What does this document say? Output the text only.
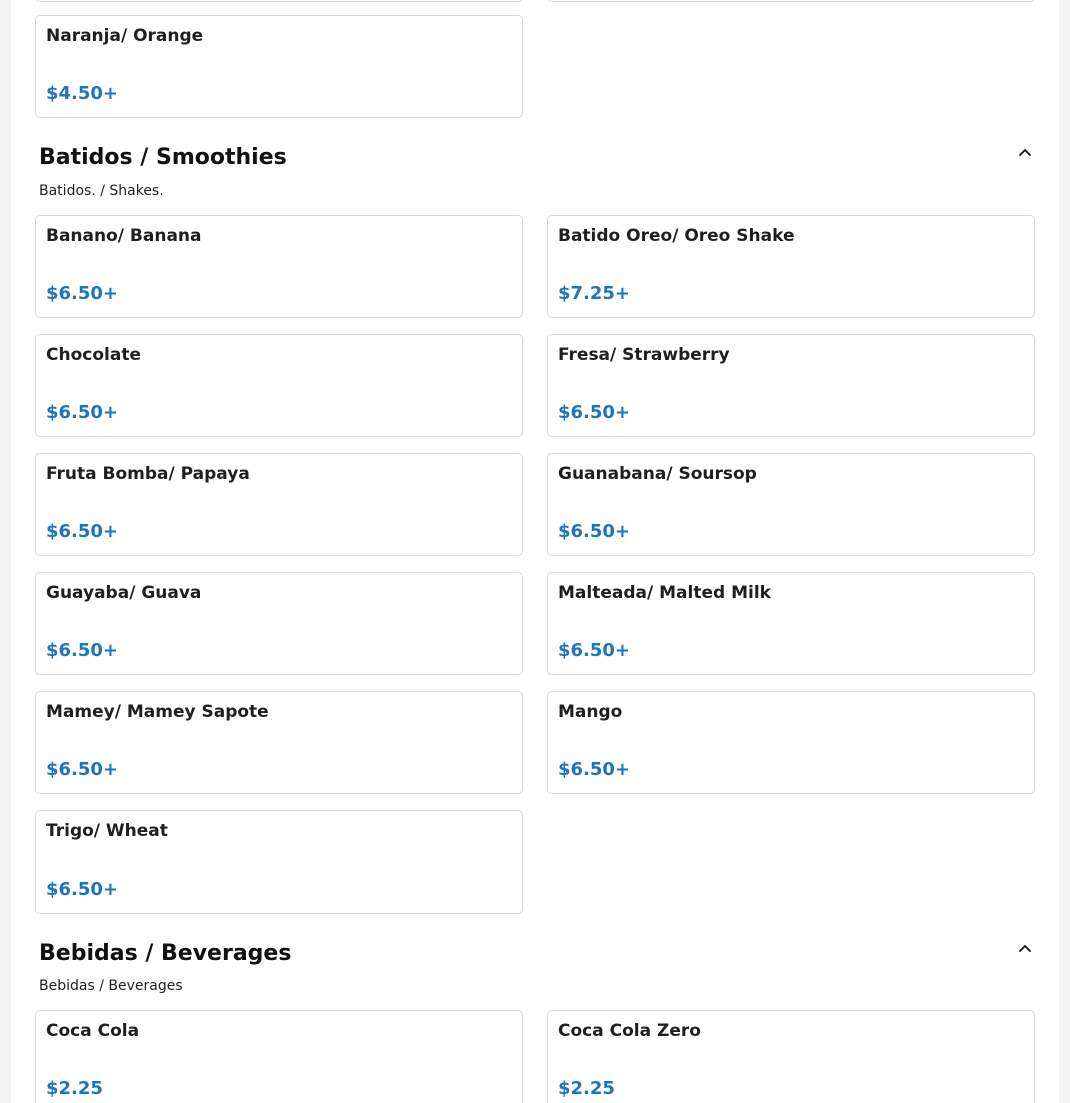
Naranja/ Orange
$4.50+
Batidos / Smoothies
Batidos. / Shakes.
Banano/ Banana
$6.50+
Batido Oreo/ Oreo Shake
$7.25+
Chocolate
$6.50+
Fresa/ Strawberry
$6.50+
Fruta Bomba/ Papaya
$6.50+
Guanabana/ Soursop
$6.50+
Guayaba/ Guava
$6.50+
Malteada/ Malted Milk
$6.50+
Mamey/ Mamey Sapote
$6.50+
Mango
$6.50+
Trigo/ Wheat
$6.50+
Bebidas / Beverages
Bebidas / Beverages
Coca Cola
$2.25
Coca Cola Zero
$2.25
